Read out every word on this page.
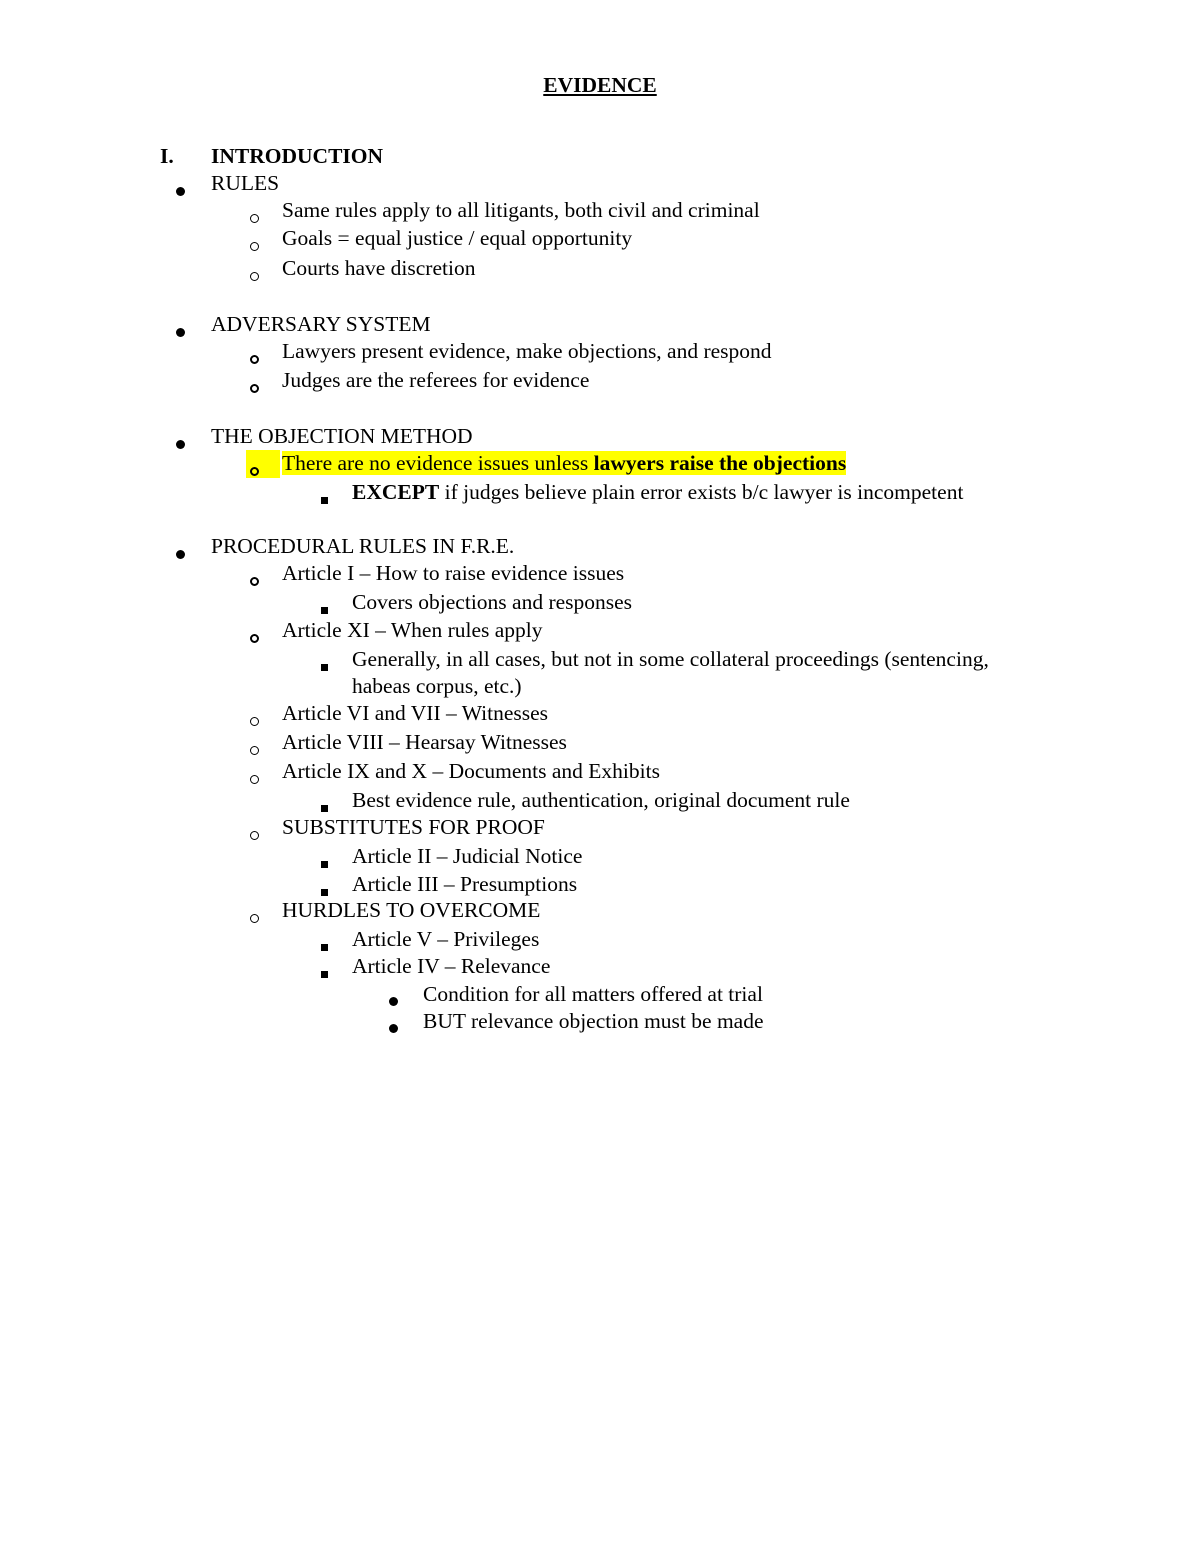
EVIDENCE
I. INTRODUCTION
RULES
Same rules apply to all litigants, both civil and criminal
Goals = equal justice / equal opportunity
Courts have discretion
ADVERSARY SYSTEM
Lawyers present evidence, make objections, and respond
Judges are the referees for evidence
THE OBJECTION METHOD
There are no evidence issues unless lawyers raise the objections
EXCEPT if judges believe plain error exists b/c lawyer is incompetent
PROCEDURAL RULES IN F.R.E.
Article I – How to raise evidence issues
Covers objections and responses
Article XI – When rules apply
Generally, in all cases, but not in some collateral proceedings (sentencing,
habeas corpus, etc.)
Article VI and VII – Witnesses
Article VIII – Hearsay Witnesses
Article IX and X – Documents and Exhibits
Best evidence rule, authentication, original document rule
SUBSTITUTES FOR PROOF
Article II – Judicial Notice
Article III – Presumptions
HURDLES TO OVERCOME
Article V – Privileges
Article IV – Relevance
Condition for all matters offered at trial
BUT relevance objection must be made
